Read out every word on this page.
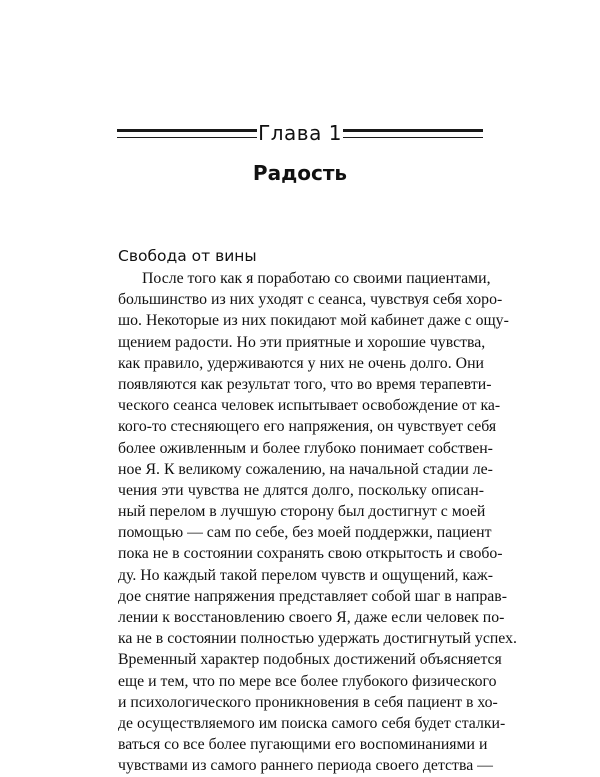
Глава 1
Радость
Свобода от вины
После того как я поработаю со своими пациентами,
большинство из них уходят с сеанса, чувствуя себя хоро-
шо. Некоторые из них покидают мой кабинет даже с ощу-
щением радости. Но эти приятные и хорошие чувства,
как правило, удерживаются у них не очень долго. Они
появляются как результат того, что во время терапевти-
ческого сеанса человек испытывает освобождение от ка-
кого-то стесняющего его напряжения, он чувствует себя
более оживленным и более глубоко понимает собствен-
ное Я. К великому сожалению, на начальной стадии ле-
чения эти чувства не длятся долго, поскольку описан-
ный перелом в лучшую сторону был достигнут с моей
помощью — сам по себе, без моей поддержки, пациент
пока не в состоянии сохранять свою открытость и свобо-
ду. Но каждый такой перелом чувств и ощущений, каж-
дое снятие напряжения представляет собой шаг в направ-
лении к восстановлению своего Я, даже если человек по-
ка не в состоянии полностью удержать достигнутый успех.
Временный характер подобных достижений объясняется
еще и тем, что по мере все более глубокого физического
и психологического проникновения в себя пациент в хо-
де осуществляемого им поиска самого себя будет сталки-
ваться со все более пугающими его воспоминаниями и
чувствами из самого раннего периода своего детства —
